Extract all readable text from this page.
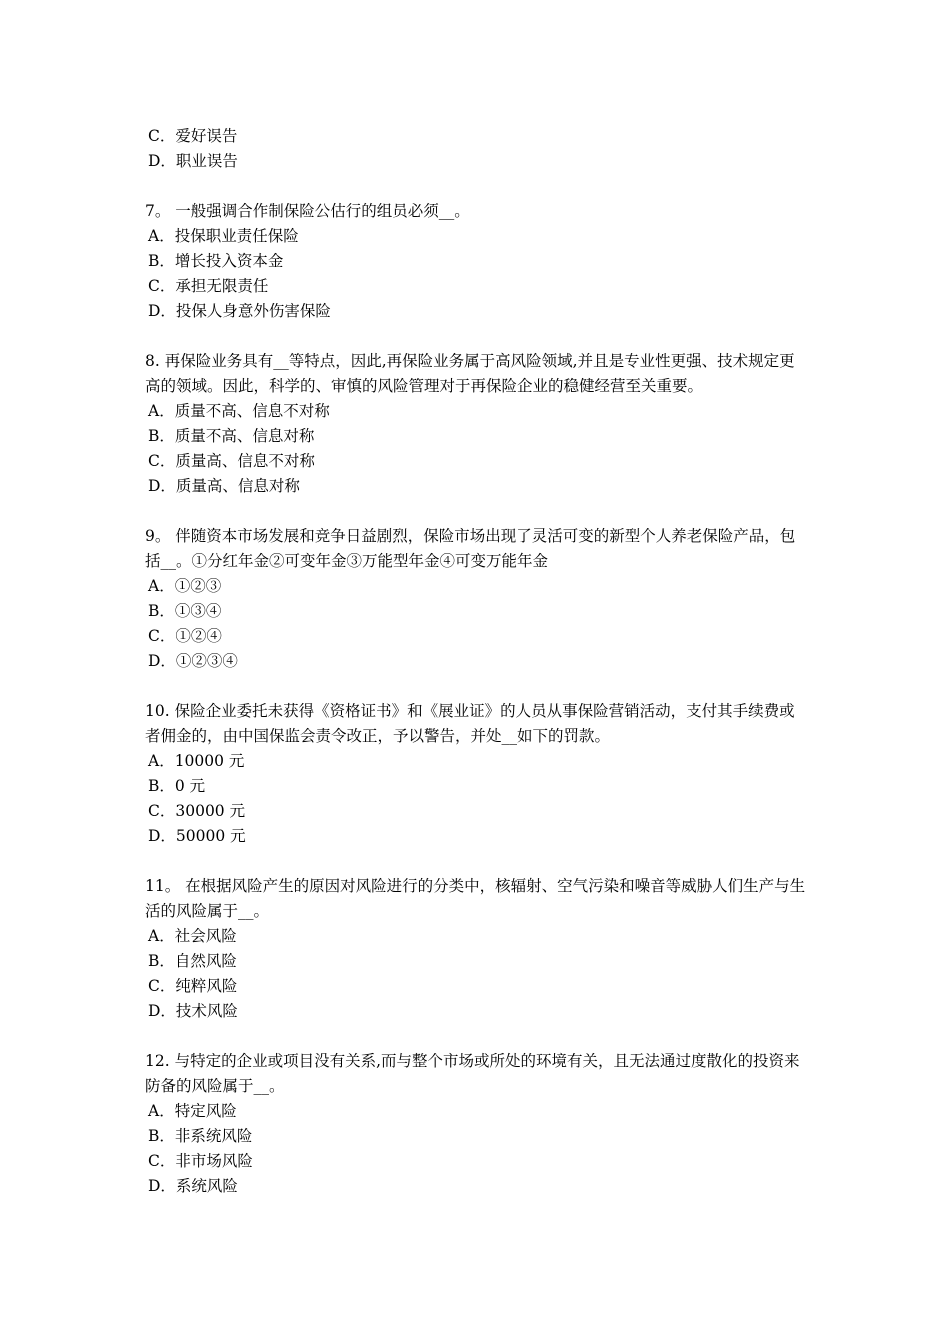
C．爱好误告
D．职业误告
7。 一般强调合作制保险公估行的组员必须__。
A．投保职业责任保险
B．增长投入资本金
C．承担无限责任
D．投保人身意外伤害保险
8. 再保险业务具有__等特点，因此,再保险业务属于高风险领域,并且是专业性更强、技术规定更高的领域。因此，科学的、审慎的风险管理对于再保险企业的稳健经营至关重要。
A．质量不高、信息不对称
B．质量不高、信息对称
C．质量高、信息不对称
D．质量高、信息对称
9。 伴随资本市场发展和竞争日益剧烈，保险市场出现了灵活可变的新型个人养老保险产品，包括__。①分红年金②可变年金③万能型年金④可变万能年金
A．①②③
B．①③④
C．①②④
D．①②③④
10. 保险企业委托未获得《资格证书》和《展业证》的人员从事保险营销活动，支付其手续费或者佣金的，由中国保监会责令改正，予以警告，并处__如下的罚款。
A．10000 元
B．0 元
C．30000 元
D．50000 元
11。 在根据风险产生的原因对风险进行的分类中，核辐射、空气污染和噪音等威胁人们生产与生活的风险属于__。
A．社会风险
B．自然风险
C．纯粹风险
D．技术风险
12. 与特定的企业或项目没有关系,而与整个市场或所处的环境有关，且无法通过度散化的投资来防备的风险属于__。
A．特定风险
B．非系统风险
C．非市场风险
D．系统风险
